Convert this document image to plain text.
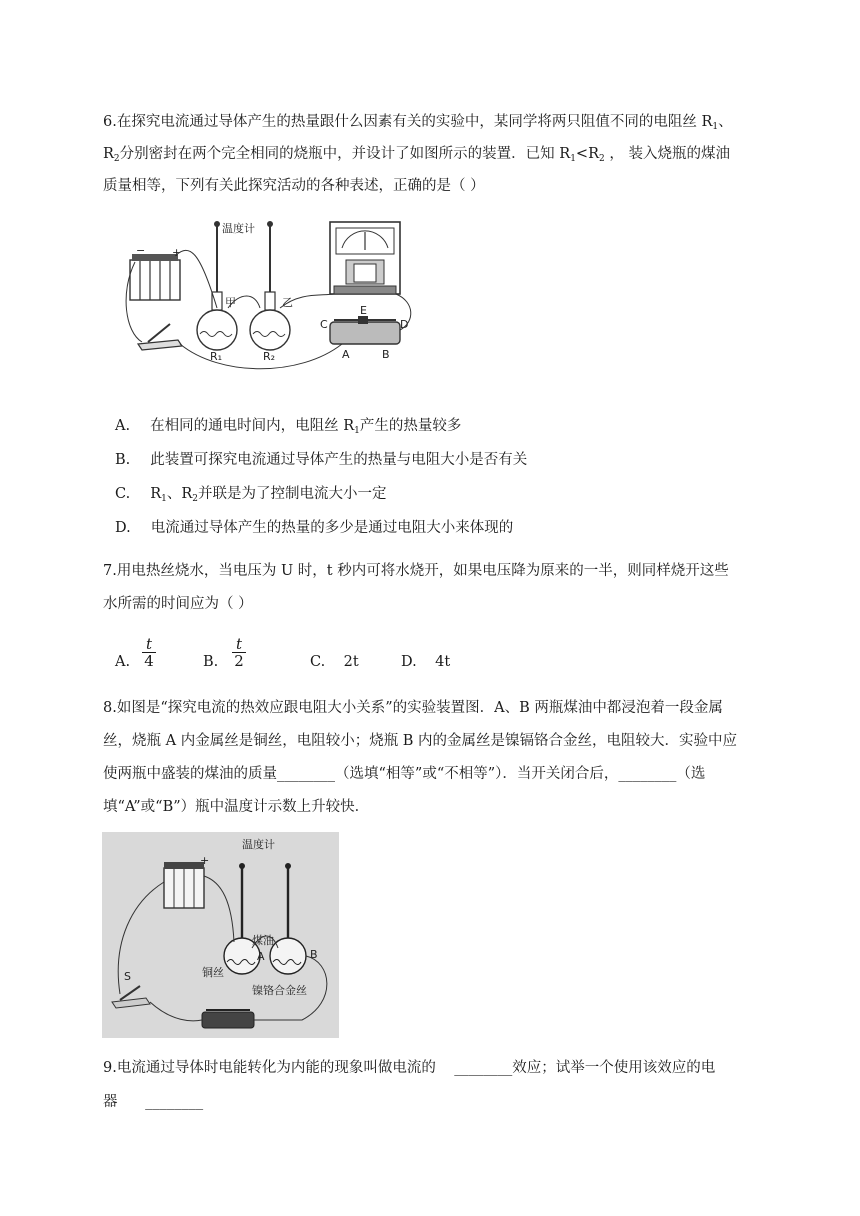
6.在探究电流通过导体产生的热量跟什么因素有关的实验中，某同学将两只阻值不同的电阻丝 $R_1$、
$R_2$分别密封在两个完全相同的烧瓶中，并设计了如图所示的装置．已知 $R_1<R_2$ ， 装入烧瓶的煤油
质量相等，下列有关此探究活动的各种表述，正确的是（ ）
− +
甲
R₁
乙
R₂
温度计
C
E
D
A	B
A. 在相同的通电时间内，电阻丝 $R_1$产生的热量较多
B. 此装置可探究电流通过导体产生的热量与电阻大小是否有关
C. $R_1$、$R_2$并联是为了控制电流大小一定
D. 电流通过导体产生的热量的多少是通过电阻大小来体现的
7.用电热丝烧水，当电压为 U 时，t 秒内可将水烧开，如果电压降为原来的一半，则同样烧开这些
水所需的时间应为（ ）
A.
t
4	B.
t
2	C.    2t	D.    4t
8.如图是“探究电流的热效应跟电阻大小关系”的实验装置图．A、B 两瓶煤油中都浸泡着一段金属
丝，烧瓶 A 内金属丝是铜丝，电阻较小；烧瓶 B 内的金属丝是镍镉铬合金丝，电阻较大．实验中应
使两瓶中盛装的煤油的质量________（选填“相等”或“不相等”）．当开关闭合后，________（选
填“A”或“B”）瓶中温度计示数上升较快．
+
A	B
温度计
煤油
铜丝
镍铬合金丝
S
9.电流通过导体时电能转化为内能的现象叫做电流的    ________效应；试举一个使用该效应的电
器      ________
